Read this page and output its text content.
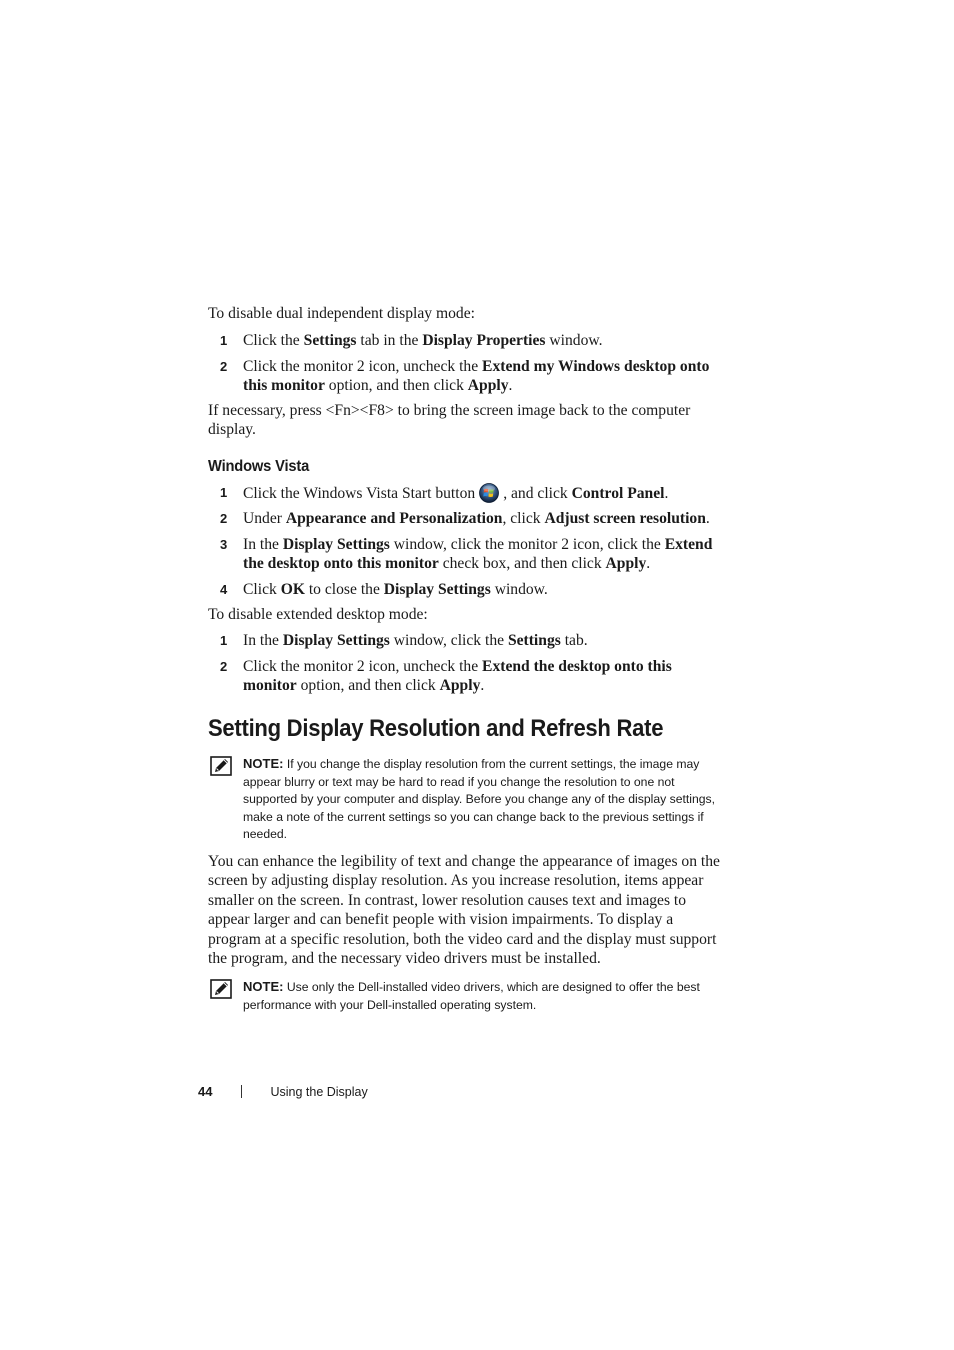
To disable dual independent display mode:

1 Click the Settings tab in the Display Properties window.
2 Click the monitor 2 icon, uncheck the Extend my Windows desktop onto this monitor option, and then click Apply.

If necessary, press <Fn><F8> to bring the screen image back to the computer display.

Windows Vista
1 Click the Windows Vista Start button , and click Control Panel.
2 Under Appearance and Personalization, click Adjust screen resolution.
3 In the Display Settings window, click the monitor 2 icon, click the Extend the desktop onto this monitor check box, and then click Apply.
4 Click OK to close the Display Settings window.

To disable extended desktop mode:

1 In the Display Settings window, click the Settings tab.
2 Click the monitor 2 icon, uncheck the Extend the desktop onto this monitor option, and then click Apply.
Setting Display Resolution and Refresh Rate
NOTE: If you change the display resolution from the current settings, the image may appear blurry or text may be hard to read if you change the resolution to one not supported by your computer and display. Before you change any of the display settings, make a note of the current settings so you can change back to the previous settings if needed.

You can enhance the legibility of text and change the appearance of images on the screen by adjusting display resolution. As you increase resolution, items appear smaller on the screen. In contrast, lower resolution causes text and images to appear larger and can benefit people with vision impairments. To display a program at a specific resolution, both the video card and the display must support the program, and the necessary video drivers must be installed.

NOTE: Use only the Dell-installed video drivers, which are designed to offer the best performance with your Dell-installed operating system.
44	Using the Display
